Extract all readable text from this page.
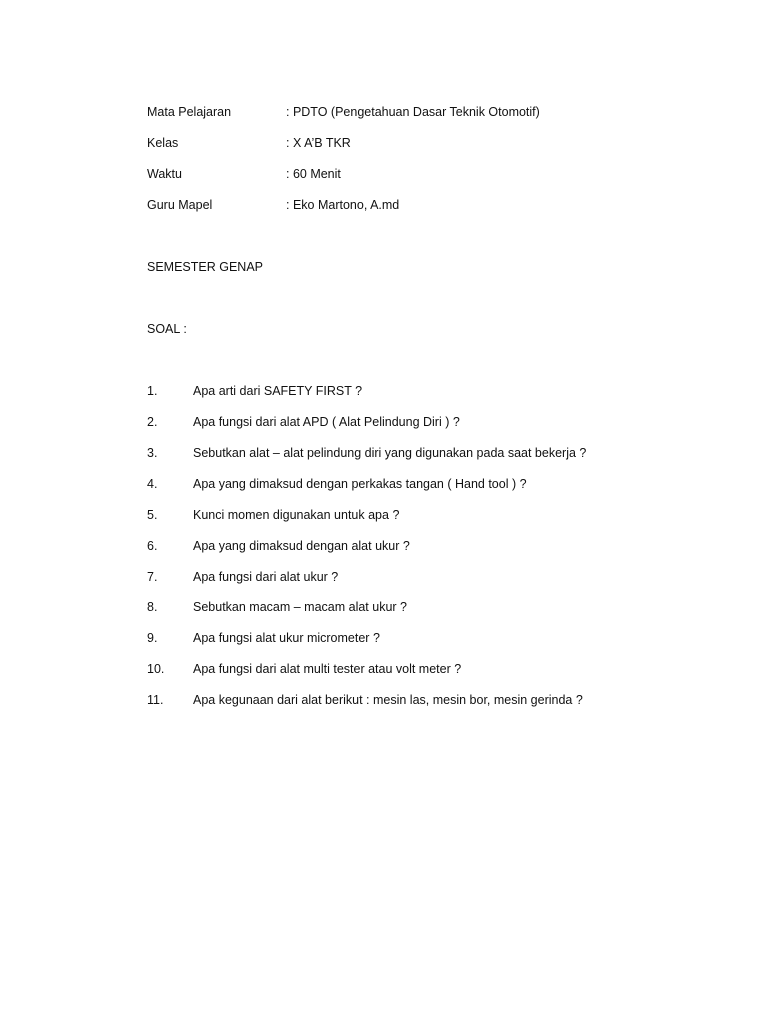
Mata Pelajaran	: PDTO (Pengetahuan Dasar Teknik Otomotif)
Kelas	: X A’B TKR
Waktu	: 60 Menit
Guru Mapel	: Eko Martono, A.md
SEMESTER GENAP
SOAL :
1.	Apa arti dari SAFETY FIRST ?
2.	Apa fungsi dari alat APD ( Alat Pelindung Diri ) ?
3.	Sebutkan alat – alat pelindung diri yang digunakan pada saat bekerja ?
4.	Apa yang dimaksud dengan perkakas tangan ( Hand tool ) ?
5.	Kunci momen digunakan untuk apa ?
6.	Apa yang dimaksud dengan alat ukur ?
7.	Apa fungsi dari alat ukur ?
8.	Sebutkan macam – macam alat ukur ?
9.	Apa fungsi alat ukur micrometer ?
10. Apa fungsi dari alat multi tester atau volt meter ?
11. Apa kegunaan dari alat berikut : mesin las, mesin bor, mesin gerinda ?
